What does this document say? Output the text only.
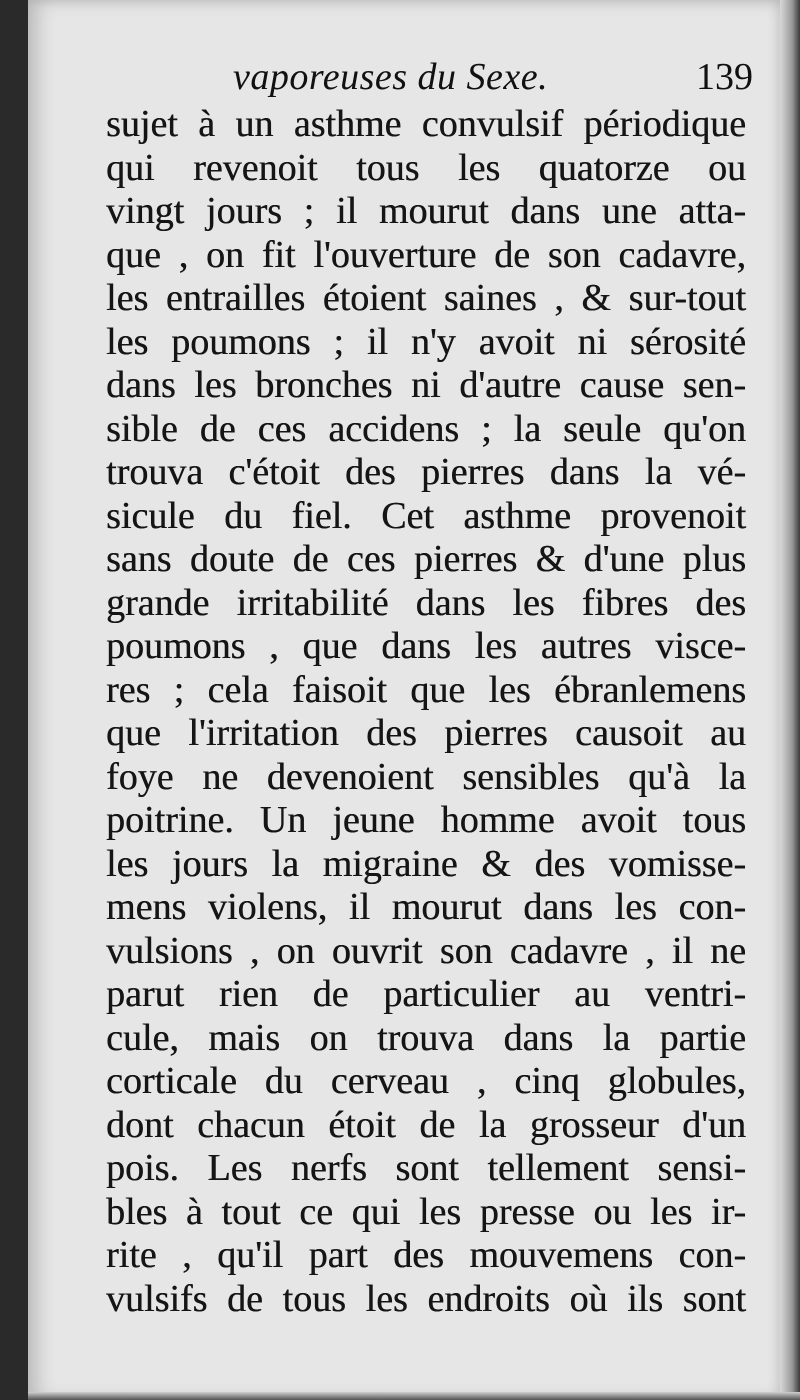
vaporeuses du Sexe.	139
sujet à un asthme convulsif périodique
qui revenoit tous les quatorze ou
vingt jours ; il mourut dans une atta-
que , on fit l'ouverture de son cadavre,
les entrailles étoient saines , & sur-tout
les poumons ; il n'y avoit ni sérosité
dans les bronches ni d'autre cause sen-
sible de ces accidens ; la seule qu'on
trouva c'étoit des pierres dans la vé-
sicule du fiel. Cet asthme provenoit
sans doute de ces pierres & d'une plus
grande irritabilité dans les fibres des
poumons , que dans les autres visce-
res ; cela faisoit que les ébranlemens
que l'irritation des pierres causoit au
foye ne devenoient sensibles qu'à la
poitrine. Un jeune homme avoit tous
les jours la migraine & des vomisse-
mens violens, il mourut dans les con-
vulsions , on ouvrit son cadavre , il ne
parut rien de particulier au ventri-
cule, mais on trouva dans la partie
corticale du cerveau , cinq globules,
dont chacun étoit de la grosseur d'un
pois. Les nerfs sont tellement sensi-
bles à tout ce qui les presse ou les ir-
rite , qu'il part des mouvemens con-
vulsifs de tous les endroits où ils sont
